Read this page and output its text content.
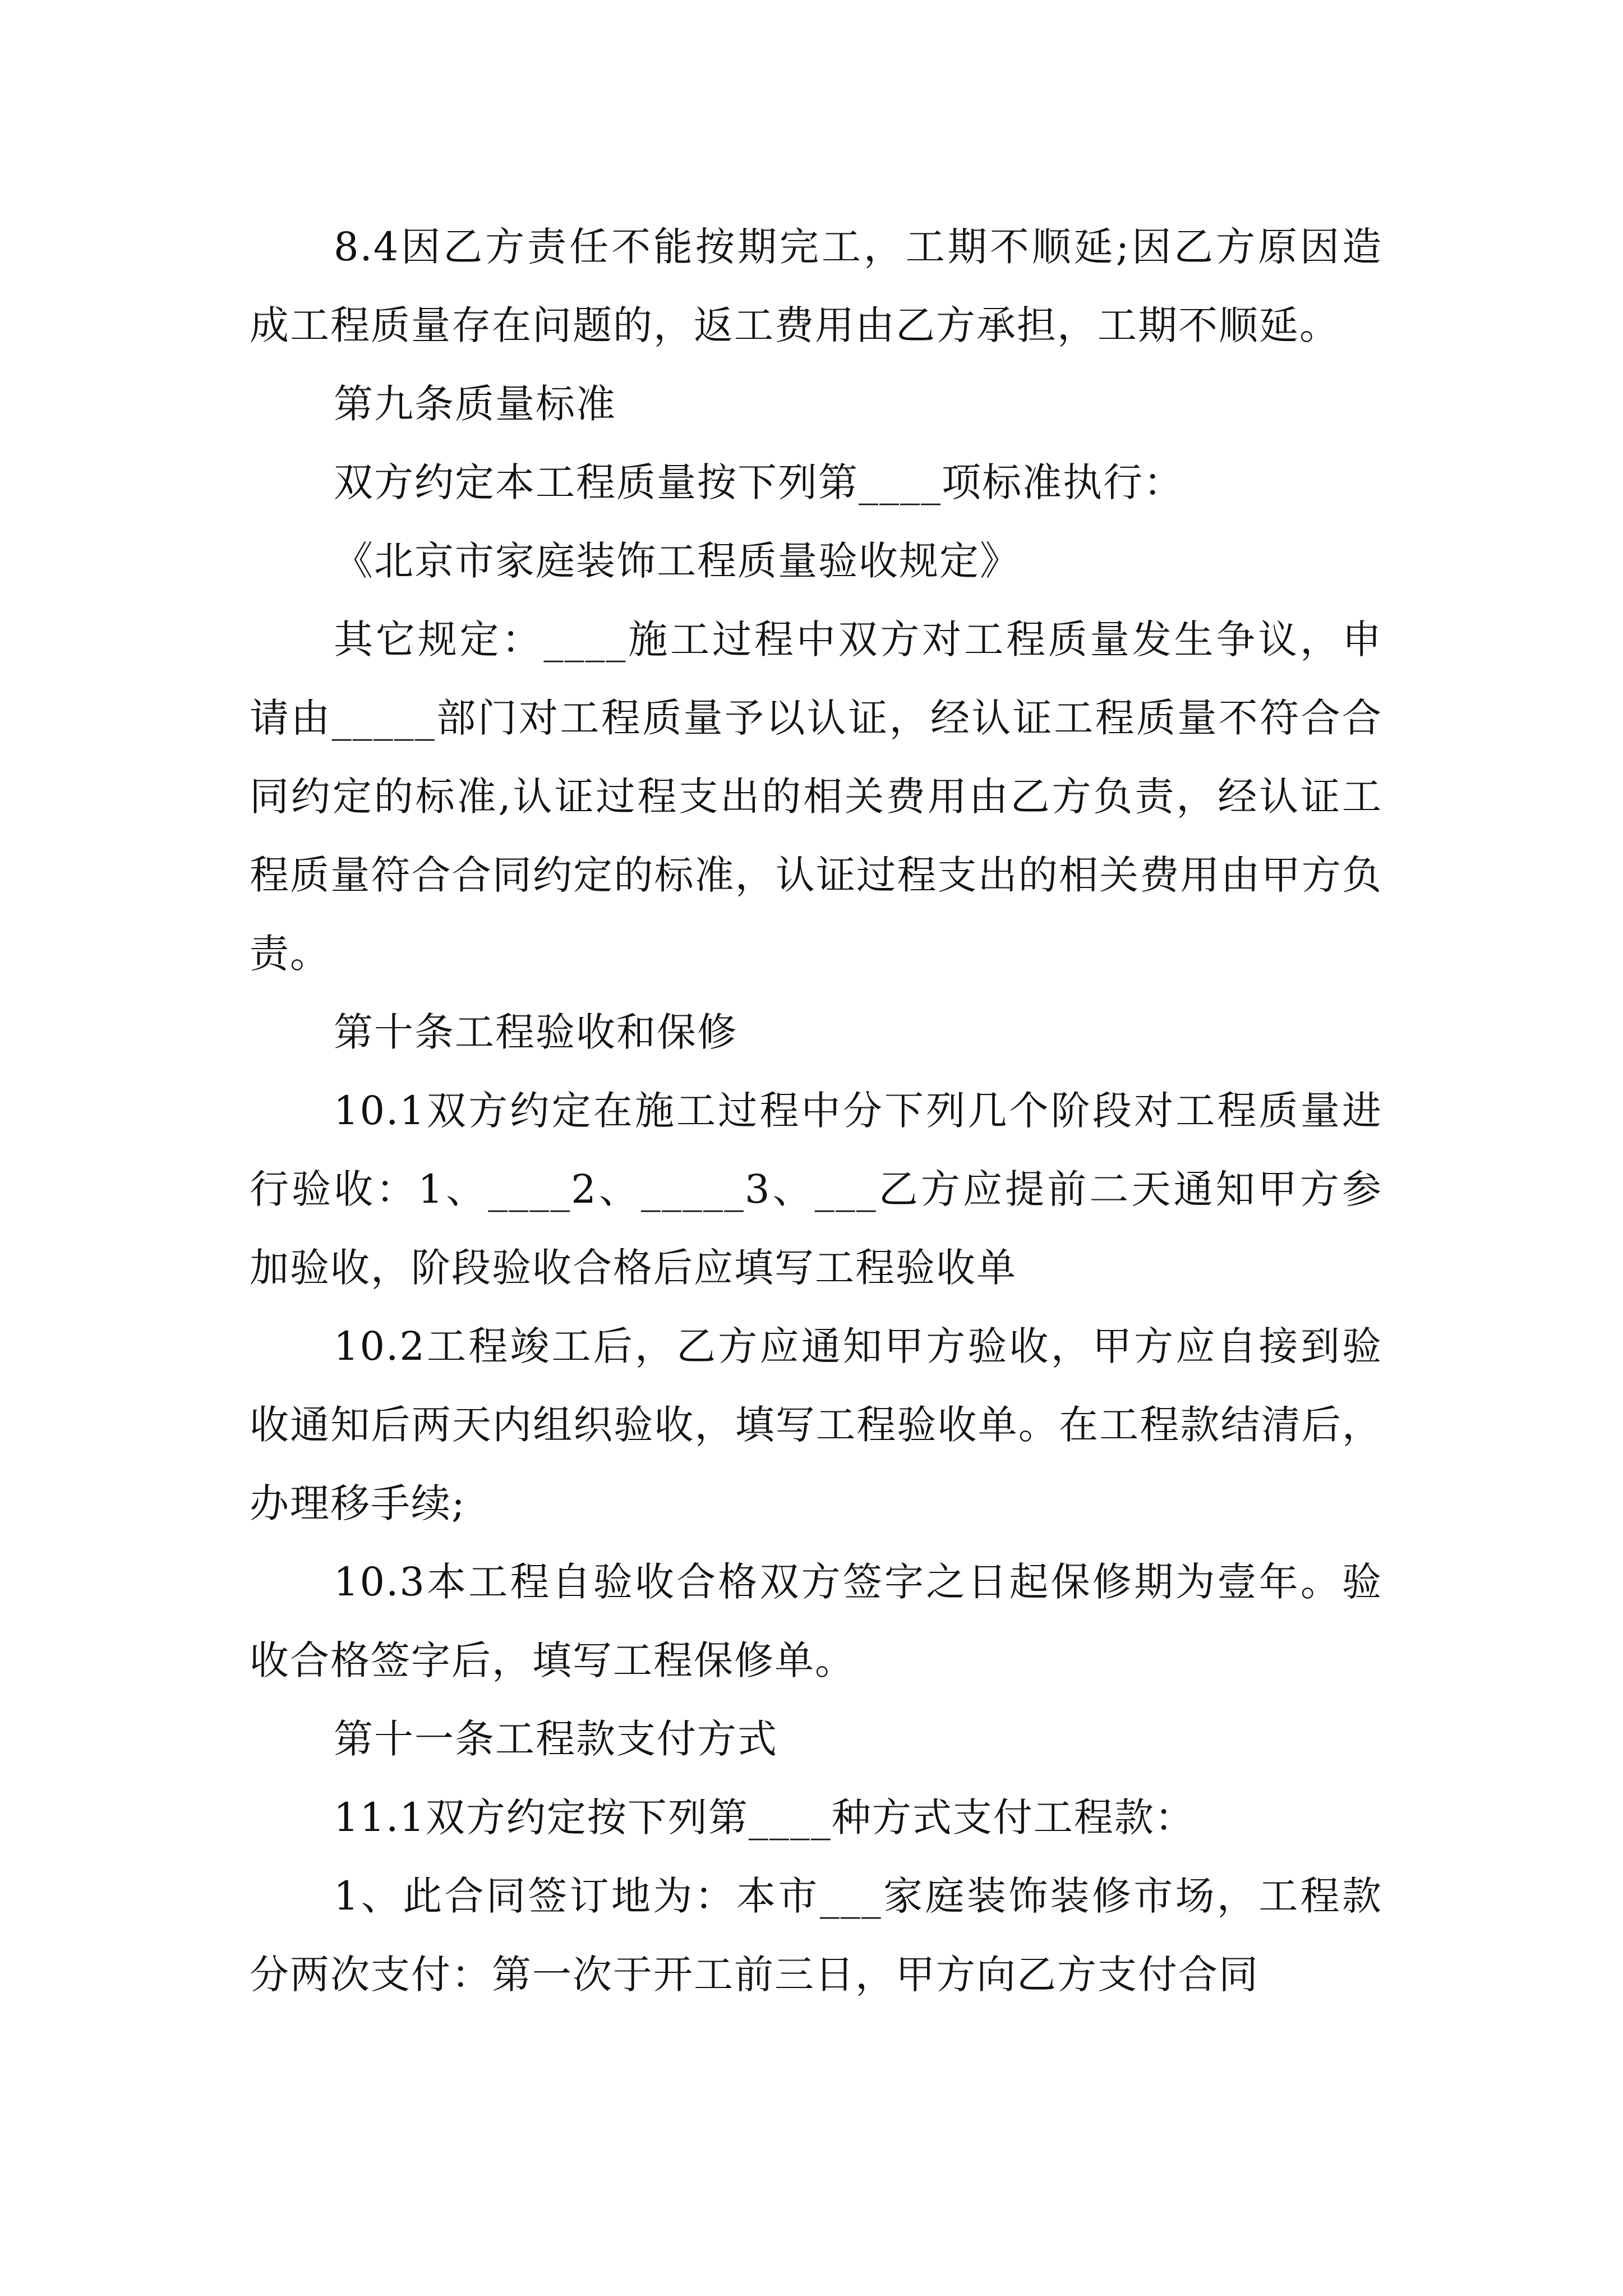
8.4因乙方责任不能按期完工，工期不顺延;因乙方原因造成工程质量存在问题的，返工费用由乙方承担，工期不顺延。

第九条质量标准

双方约定本工程质量按下列第____项标准执行：

《北京市家庭装饰工程质量验收规定》

其它规定：____施工过程中双方对工程质量发生争议，申请由_____部门对工程质量予以认证，经认证工程质量不符合合同约定的标准,认证过程支出的相关费用由乙方负责，经认证工程质量符合合同约定的标准，认证过程支出的相关费用由甲方负责。

第十条工程验收和保修

10.1双方约定在施工过程中分下列几个阶段对工程质量进行验收：1、____2、_____3、___乙方应提前二天通知甲方参加验收，阶段验收合格后应填写工程验收单

10.2工程竣工后，乙方应通知甲方验收，甲方应自接到验收通知后两天内组织验收，填写工程验收单。在工程款结清后，办理移手续;

10.3本工程自验收合格双方签字之日起保修期为壹年。验收合格签字后，填写工程保修单。

第十一条工程款支付方式

11.1双方约定按下列第____种方式支付工程款：

1、此合同签订地为：本市___家庭装饰装修市场，工程款分两次支付：第一次于开工前三日，甲方向乙方支付合同
